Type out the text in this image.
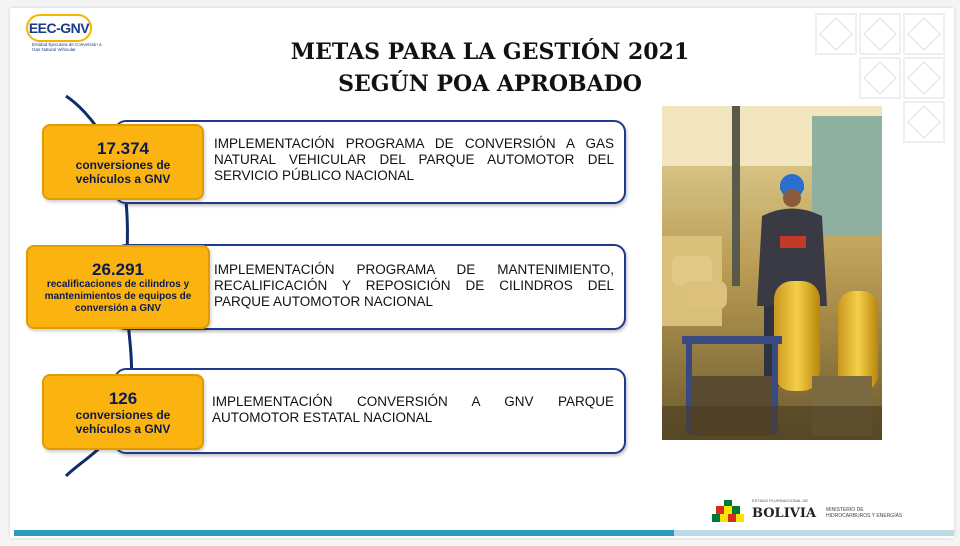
EEC-GNV
Entidad Ejecutora de Conversión a Gas Natural Vehicular	METAS PARA LA GESTIÓN 2021
SEGÚN POA APROBADO
IMPLEMENTACIÓN PROGRAMA DE CONVERSIÓN A GAS NATURAL VEHICULAR DEL PARQUE AUTOMOTOR DEL SERVICIO PÚBLICO NACIONAL
17.374
conversiones de vehículos a GNV
IMPLEMENTACIÓN PROGRAMA DE MANTENIMIENTO, RECALIFICACIÓN Y REPOSICIÓN DE CILINDROS DEL PARQUE AUTOMOTOR NACIONAL
26.291
recalificaciones de cilindros y mantenimientos de equipos de conversión a GNV
IMPLEMENTACIÓN CONVERSIÓN A GNV PARQUE AUTOMOTOR ESTATAL NACIONAL
126
conversiones de vehículos a GNV
ESTADO PLURINACIONAL DE
BOLIVIA MINISTERIO DE HIDROCARBUROS Y ENERGÍAS
